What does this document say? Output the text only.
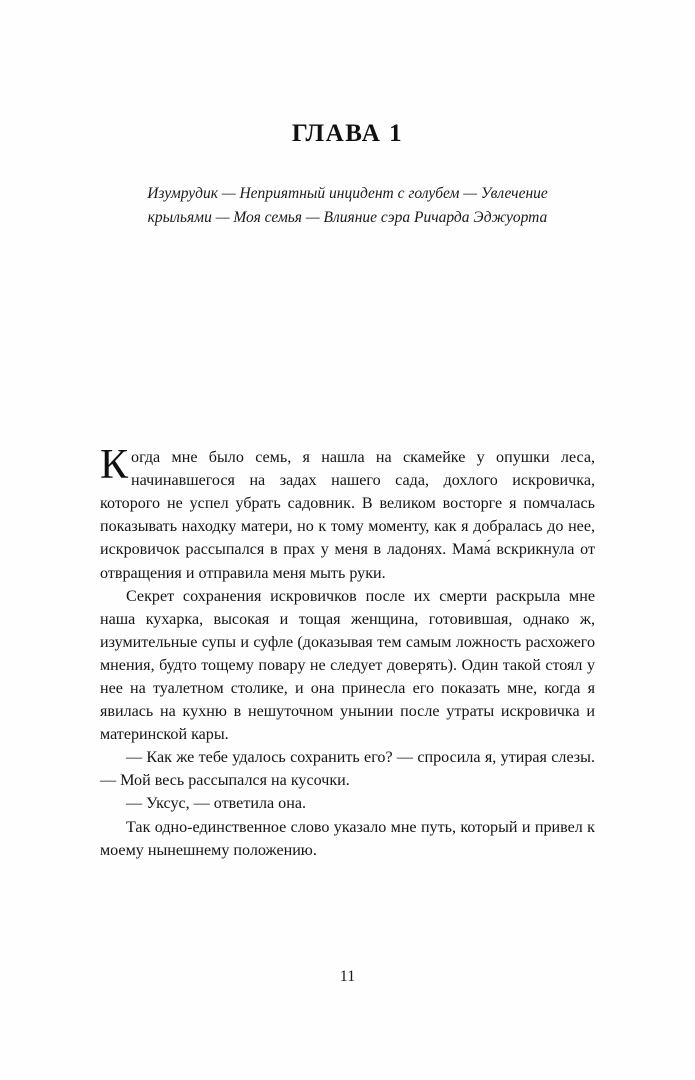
ГЛАВА 1
Изумрудик — Неприятный инцидент с голубем — Увлечение крыльями — Моя семья — Влияние сэра Ричарда Эджуорта

Когда мне было семь, я нашла на скамейке у опушки леса, начинавшегося на задах нашего сада, дохлого искровичка, которого не успел убрать садовник. В великом восторге я помчалась показывать находку матери, но к тому моменту, как я добралась до нее, искровичок рассыпался в прах у меня в ладонях. Мама́ вскрикнула от отвращения и отправила меня мыть руки.

Секрет сохранения искровичков после их смерти раскрыла мне наша кухарка, высокая и тощая женщина, готовившая, однако ж, изумительные супы и суфле (доказывая тем самым ложность расхожего мнения, будто тощему повару не следует доверять). Один такой стоял у нее на туалетном столике, и она принесла его показать мне, когда я явилась на кухню в нешуточном унынии после утраты искровичка и материнской кары.

— Как же тебе удалось сохранить его? — спросила я, утирая слезы. — Мой весь рассыпался на кусочки.

— Уксус, — ответила она.

Так одно-единственное слово указало мне путь, который и привел к моему нынешнему положению.

11
